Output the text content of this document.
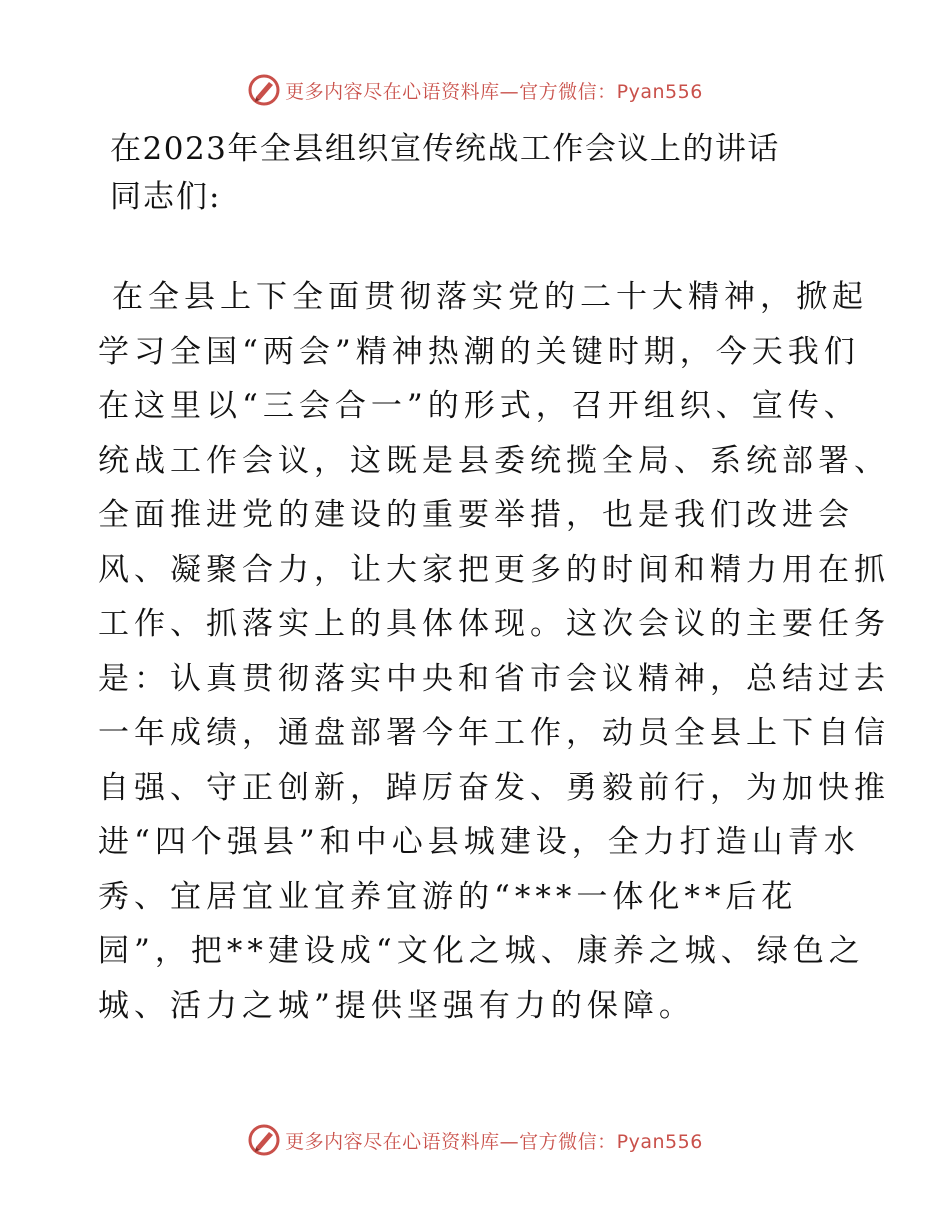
更多内容尽在心语资料库—官方微信：Pyan556
在2023年全县组织宣传统战工作会议上的讲话
同志们:
在全县上下全面贯彻落实党的二十大精神，掀起
学习全国“两会”精神热潮的关键时期，今天我们
在这里以“三会合一”的形式，召开组织、宣传、
统战工作会议，这既是县委统揽全局、系统部署、
全面推进党的建设的重要举措，也是我们改进会
风、凝聚合力，让大家把更多的时间和精力用在抓
工作、抓落实上的具体体现。这次会议的主要任务
是：认真贯彻落实中央和省市会议精神，总结过去
一年成绩，通盘部署今年工作，动员全县上下自信
自强、守正创新，踔厉奋发、勇毅前行，为加快推
进“四个强县”和中心县城建设，全力打造山青水
秀、宜居宜业宜养宜游的“***一体化**后花
园”，把**建设成“文化之城、康养之城、绿色之
城、活力之城”提供坚强有力的保障。
更多内容尽在心语资料库—官方微信：Pyan556
